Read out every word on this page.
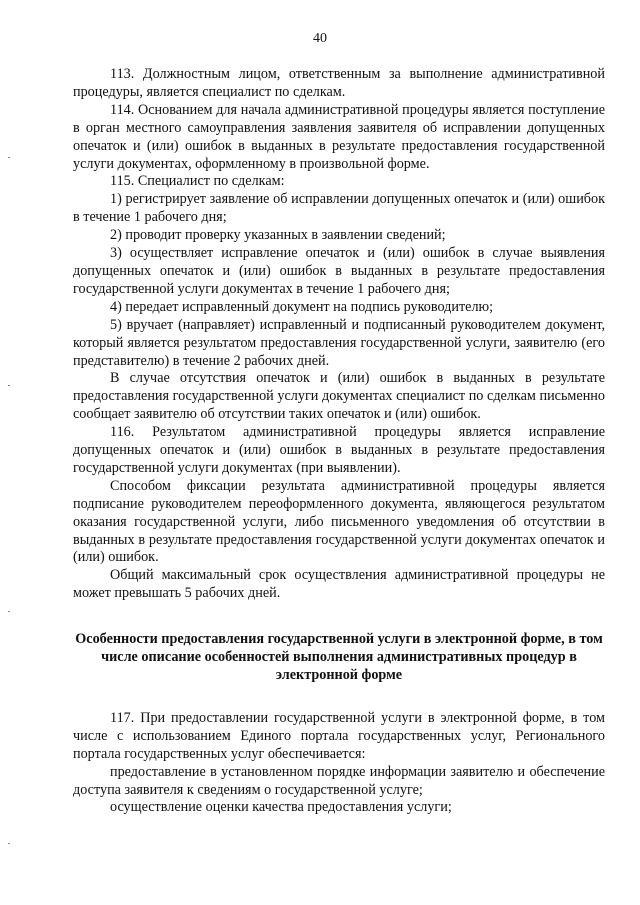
40

113. Должностным лицом, ответственным за выполнение административной процедуры, является специалист по сделкам.

114. Основанием для начала административной процедуры является поступление в орган местного самоуправления заявления заявителя об исправлении допущенных опечаток и (или) ошибок в выданных в результате предоставления государственной услуги документах, оформленному в произвольной форме.

115. Специалист по сделкам:

1) регистрирует заявление об исправлении допущенных опечаток и (или) ошибок в течение 1 рабочего дня;

2) проводит проверку указанных в заявлении сведений;

3) осуществляет исправление опечаток и (или) ошибок в случае выявления допущенных опечаток и (или) ошибок в выданных в результате предоставления государственной услуги документах в течение 1 рабочего дня;

4) передает исправленный документ на подпись руководителю;

5) вручает (направляет) исправленный и подписанный руководителем документ, который является результатом предоставления государственной услуги, заявителю (его представителю) в течение 2 рабочих дней.

В случае отсутствия опечаток и (или) ошибок в выданных в результате предоставления государственной услуги документах специалист по сделкам письменно сообщает заявителю об отсутствии таких опечаток и (или) ошибок.

116. Результатом административной процедуры является исправление допущенных опечаток и (или) ошибок в выданных в результате предоставления государственной услуги документах (при выявлении).

Способом фиксации результата административной процедуры является подписание руководителем переоформленного документа, являющегося результатом оказания государственной услуги, либо письменного уведомления об отсутствии в выданных в результате предоставления государственной услуги документах опечаток и (или) ошибок.

Общий максимальный срок осуществления административной процедуры не может превышать 5 рабочих дней.

Особенности предоставления государственной услуги в электронной форме, в том числе описание особенностей выполнения административных процедур в электронной форме

117. При предоставлении государственной услуги в электронной форме, в том числе с использованием Единого портала государственных услуг, Регионального портала государственных услуг обеспечивается:

предоставление в установленном порядке информации заявителю и обеспечение доступа заявителя к сведениям о государственной услуге;

осуществление оценки качества предоставления услуги;
